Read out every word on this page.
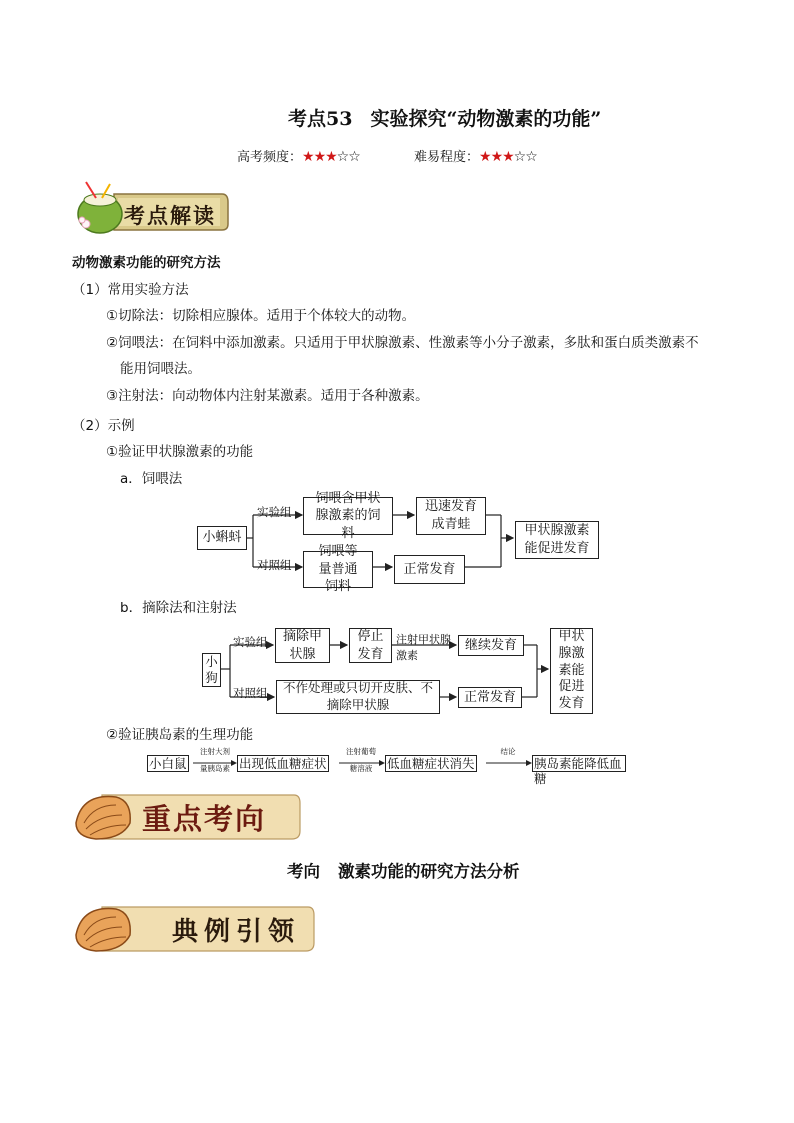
考点53 实验探究“动物激素的功能”
高考频度：★★★☆☆	难易程度：★★★☆☆
考点解读
动物激素功能的研究方法
（1）常用实验方法
①切除法：切除相应腺体。适用于个体较大的动物。
②饲喂法：在饲料中添加激素。只适用于甲状腺激素、性激素等小分子激素，多肽和蛋白质类激素不
能用饲喂法。
③注射法：向动物体内注射某激素。适用于各种激素。
（2）示例
①验证甲状腺激素的功能
a．饲喂法
小蝌蚪
实验组
对照组
饲喂含甲状腺激素的饲料
迅速发育成青蛙
饲喂等量普通饲料
正常发育
甲状腺激素能促进发育
b．摘除法和注射法
小狗
实验组
对照组
摘除甲状腺
停止发育
注射甲状腺激素
继续发育
不作处理或只切开皮肤、不摘除甲状腺	正常发育
甲状腺激素能促进发育
②验证胰岛素的生理功能
小白鼠
注射大剂
量胰岛素 出现低血糖症状
注射葡萄
糖溶液	低血糖症状消失
结论
胰岛素能降低血糖
重点考向
考向 激素功能的研究方法分析
典例引领
